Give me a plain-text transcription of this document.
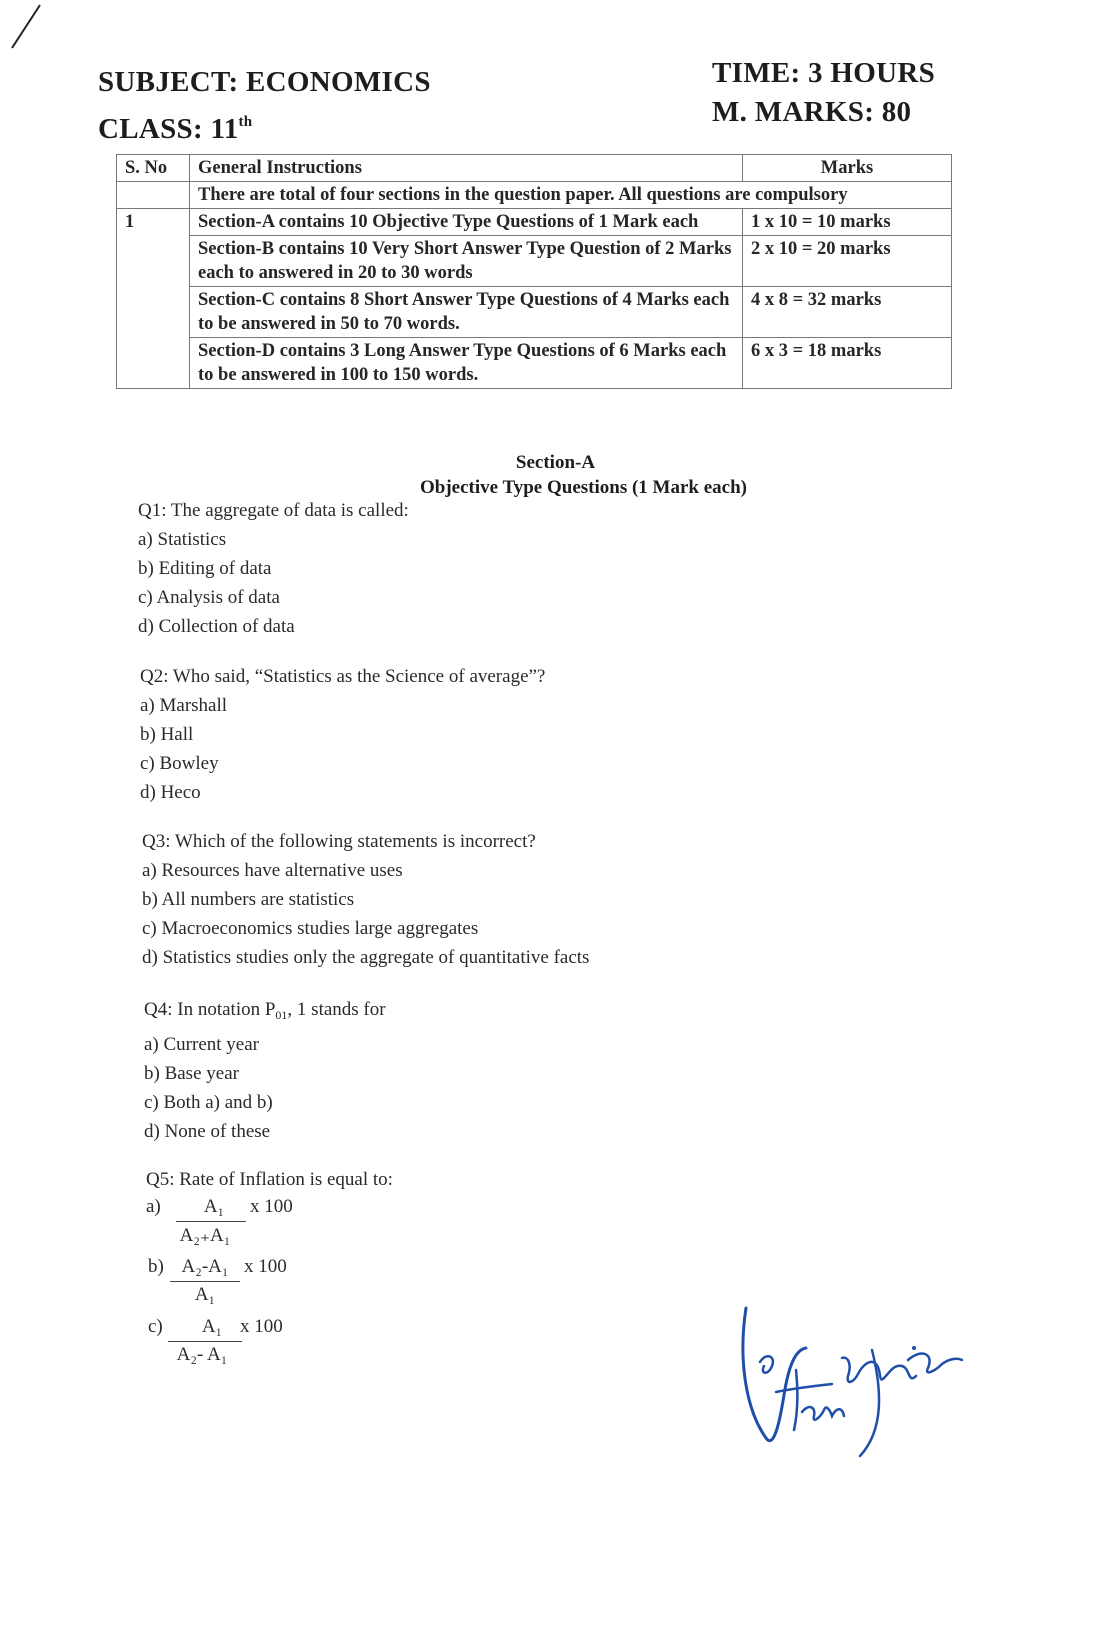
SUBJECT: ECONOMICS
CLASS: 11th
TIME: 3 HOURS
M. MARKS: 80
S. No	General Instructions	Marks
	There are total of four sections in the question paper. All questions are compulsory	
1	Section-A contains 10 Objective Type Questions of 1 Mark each	1 x 10 = 10 marks
	Section-B contains 10 Very Short Answer Type Question of 2 Marks each to answered in 20 to 30 words	2 x 10 = 20 marks
	Section-C contains 8 Short Answer Type Questions of 4 Marks each to be answered in 50 to 70 words.	4 x 8 = 32 marks
	Section-D contains 3 Long Answer Type Questions of 6 Marks each to be answered in 100 to 150 words.	6 x 3 = 18 marks
Section-A
Objective Type Questions (1 Mark each)
Q1: The aggregate of data is called:
a) Statistics
b) Editing of data
c) Analysis of data
d) Collection of data
Q2: Who said, “Statistics as the Science of average”?
a) Marshall
b) Hall
c) Bowley
d) Heco
Q3: Which of the following statements is incorrect?
a) Resources have alternative uses
b) All numbers are statistics
c) Macroeconomics studies large aggregates
d) Statistics studies only the aggregate of quantitative facts
Q4: In notation $P_{01}$, 1 stands for
a) Current year
b) Base year
c) Both a) and b)
d) None of these
Q5: Rate of Inflation is equal to:
a)	A₁
A₂₊A₁
x 100
b) A₂-A₁
A₁
x 100
c)	A₁
A₂- A₁
x 100
